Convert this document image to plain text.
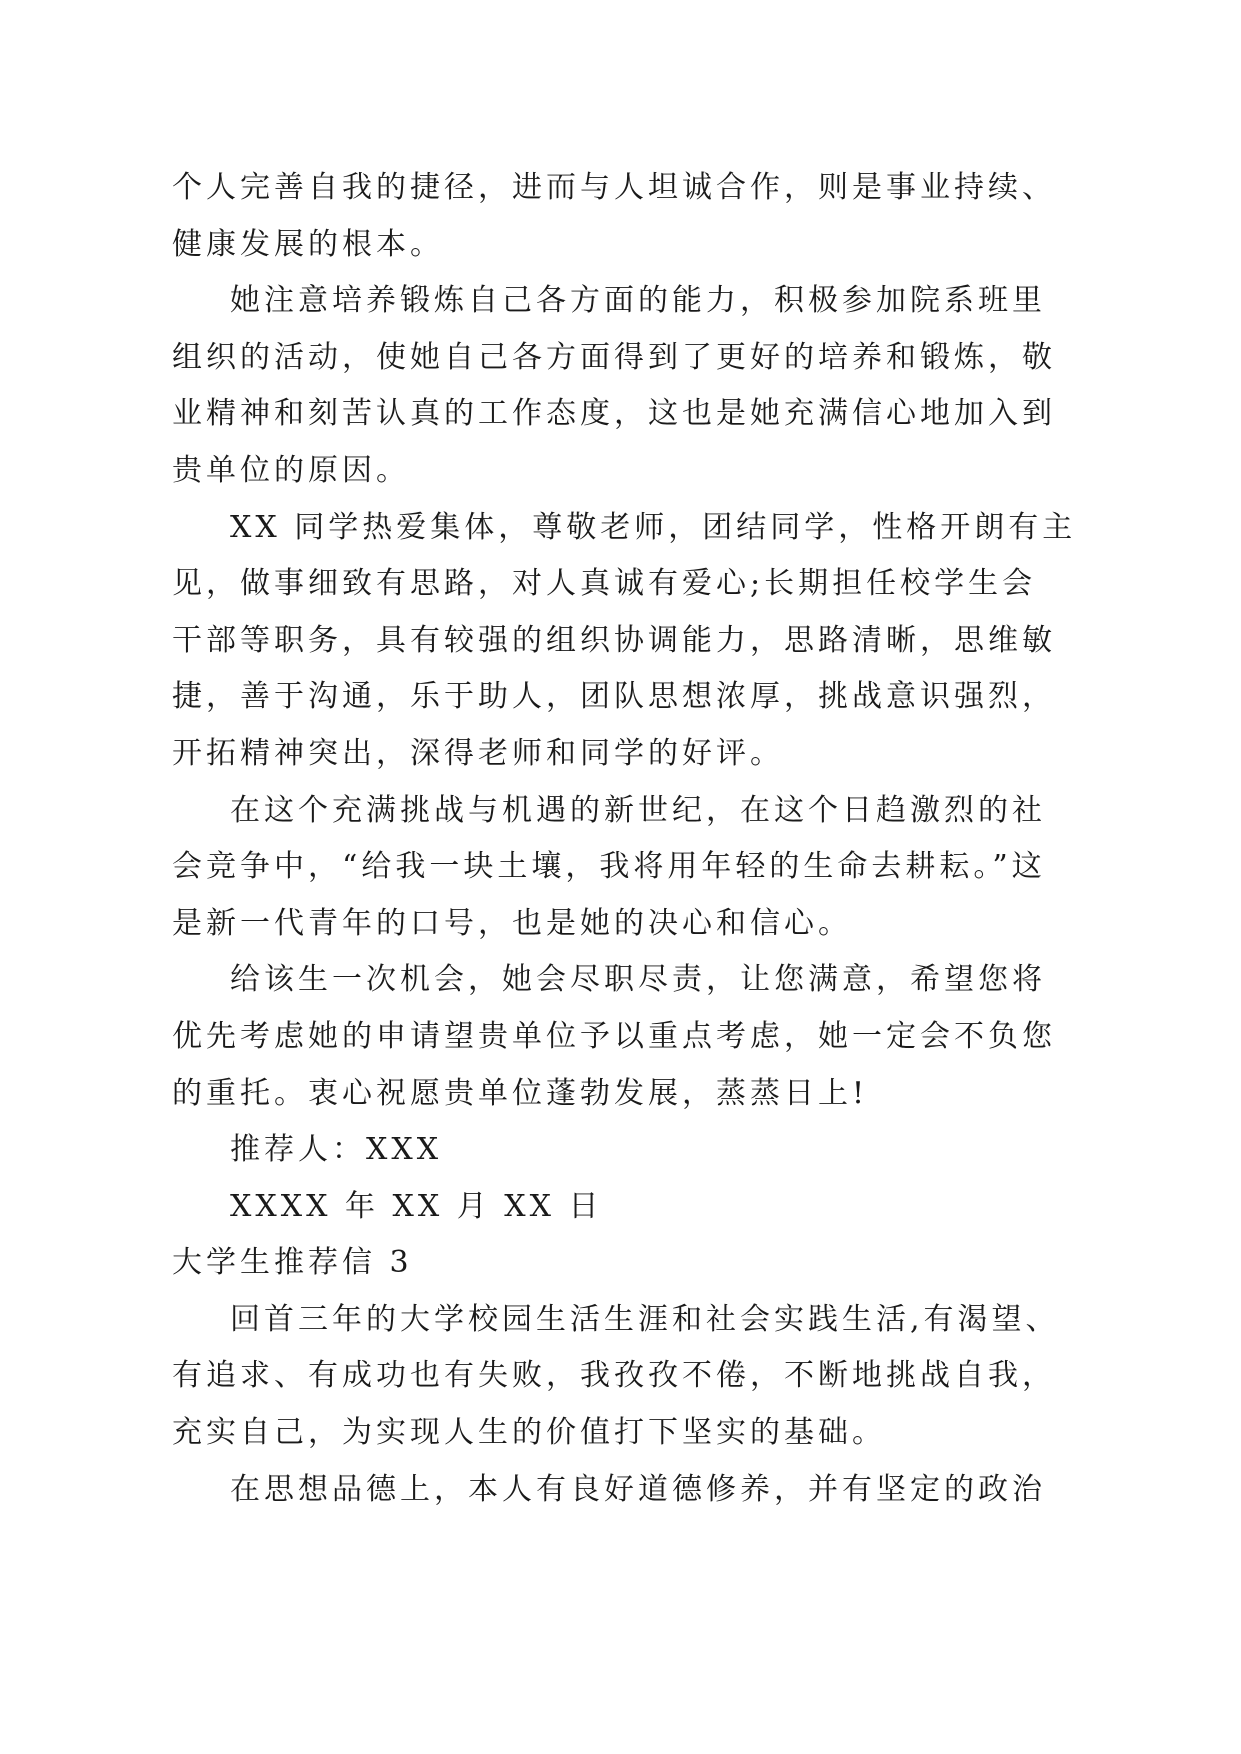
个人完善自我的捷径，进而与人坦诚合作，则是事业持续、
健康发展的根本。
她注意培养锻炼自己各方面的能力，积极参加院系班里
组织的活动，使她自己各方面得到了更好的培养和锻炼，敬
业精神和刻苦认真的工作态度，这也是她充满信心地加入到
贵单位的原因。
XX 同学热爱集体，尊敬老师，团结同学，性格开朗有主
见，做事细致有思路，对人真诚有爱心;长期担任校学生会
干部等职务，具有较强的组织协调能力，思路清晰，思维敏
捷，善于沟通，乐于助人，团队思想浓厚，挑战意识强烈，
开拓精神突出，深得老师和同学的好评。
在这个充满挑战与机遇的新世纪，在这个日趋激烈的社
会竞争中，“给我一块土壤，我将用年轻的生命去耕耘。”这
是新一代青年的口号，也是她的决心和信心。
给该生一次机会，她会尽职尽责，让您满意，希望您将
优先考虑她的申请望贵单位予以重点考虑，她一定会不负您
的重托。衷心祝愿贵单位蓬勃发展，蒸蒸日上!
推荐人：XXX
XXXX 年 XX 月 XX 日
大学生推荐信 3
回首三年的大学校园生活生涯和社会实践生活,有渴望、
有追求、有成功也有失败，我孜孜不倦，不断地挑战自我，
充实自己，为实现人生的价值打下坚实的基础。
在思想品德上，本人有良好道德修养，并有坚定的政治
